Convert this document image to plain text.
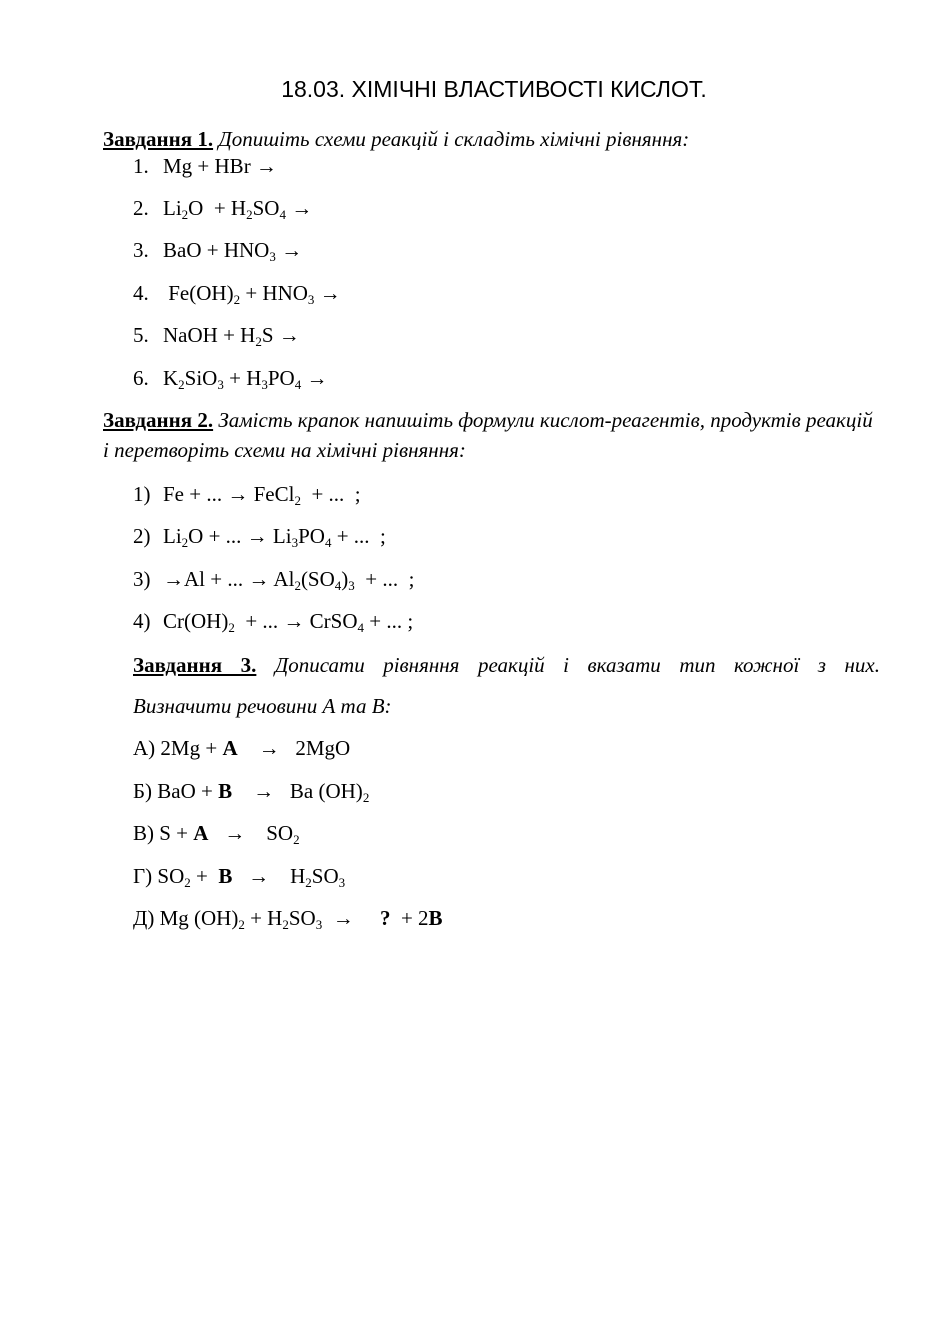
18.03. ХІМІЧНІ ВЛАСТИВОСТІ КИСЛОТ.
Завдання 1. Допишіть схеми реакцій і складіть хімічні рівняння:
1. Mg + HBr →
2. $Li_2O + H_2SO_4$ →
3. BaO + $HNO_3$ →
4. $Fe(OH)_2 + HNO_3$ →
5. NaOH + $H_2S$ →
6. $K_2SiO_3 + H_3PO_4$ →
Завдання 2. Замість крапок напишіть формули кислот-реагентів, продуктів реакцій і перетворіть схеми на хімічні рівняння:
1) Fe + ... → FeCl$_2$  + ...  ;
2) $Li_2O$ + ... → $Li_3PO_4$ + ...  ;
3) →Al + ... → $Al_2(SO_4)_3$  + ...  ;
4) $Cr(OH)_2$  + ... → CrSO$_4$ + ... ;
Завдання 3. Дописати рівняння реакцій і вказати тип кожної з них.
Визначити речовини А та В:
А) 2Mg + A    →   2MgO
Б) BaO + B    →   Ba $(OH)_2$
В) S + A   →    $SO_2$
Г) $SO_2 + B$   →    $H_2SO_3$
Д) Mg $(OH)_2 + H_2SO_3$  →     ?  + 2B
